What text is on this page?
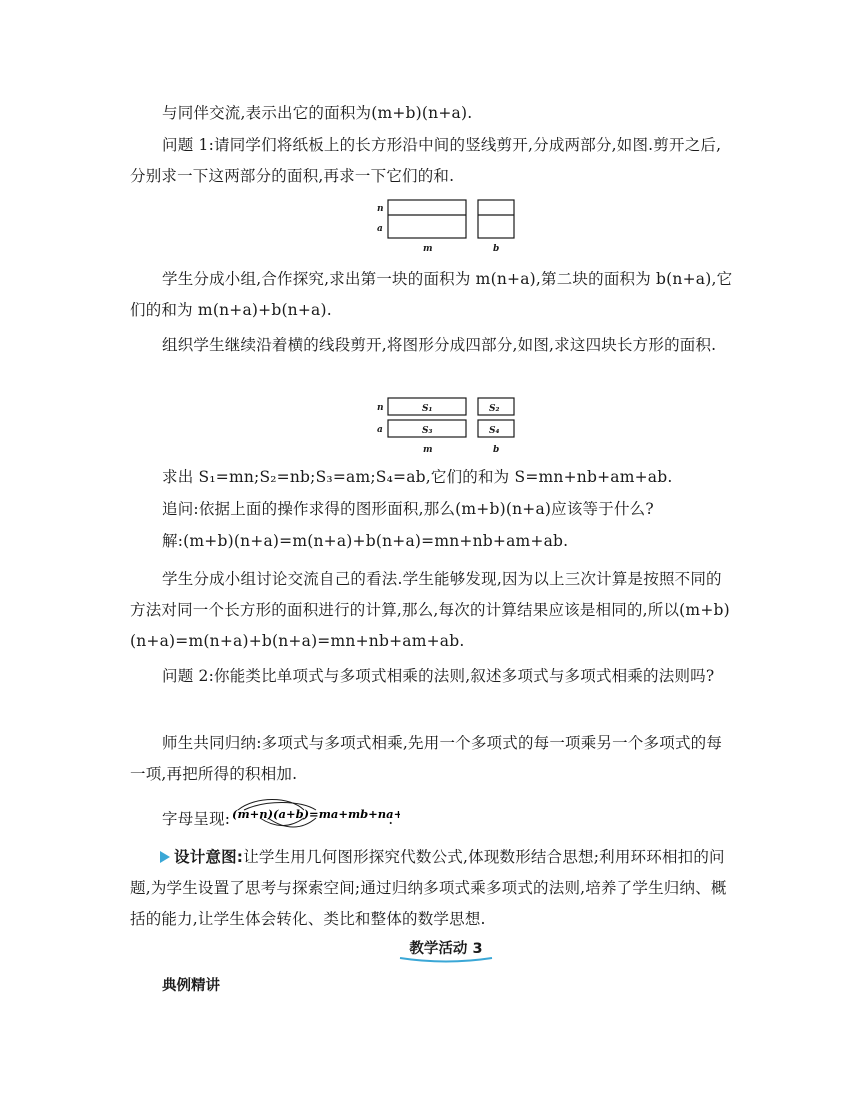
与同伴交流,表示出它的面积为(m+b)(n+a).
问题 1:请同学们将纸板上的长方形沿中间的竖线剪开,分成两部分,如图.剪开之后,分别求一下这两部分的面积,再求一下它们的和.
n
a
m	b
学生分成小组,合作探究,求出第一块的面积为 m(n+a),第二块的面积为 b(n+a),它们的和为 m(n+a)+b(n+a).
组织学生继续沿着横的线段剪开,将图形分成四部分,如图,求这四块长方形的面积.
n
a
S₁	S₂
S₃	S₄
m	b
求出 S₁=mn;S₂=nb;S₃=am;S₄=ab,它们的和为 S=mn+nb+am+ab.
追问:依据上面的操作求得的图形面积,那么(m+b)(n+a)应该等于什么?
解:(m+b)(n+a)=m(n+a)+b(n+a)=mn+nb+am+ab.
学生分成小组讨论交流自己的看法.学生能够发现,因为以上三次计算是按照不同的方法对同一个长方形的面积进行的计算,那么,每次的计算结果应该是相同的,所以(m+b)(n+a)=m(n+a)+b(n+a)=mn+nb+am+ab.
问题 2:你能类比单项式与多项式相乘的法则,叙述多项式与多项式相乘的法则吗?
师生共同归纳:多项式与多项式相乘,先用一个多项式的每一项乘另一个多项式的每一项,再把所得的积相加.
字母呈现:	.
(m+n)(a+b)=ma+mb+na
设计意图:让学生用几何图形探究代数公式,体现数形结合思想;利用环环相扣的问题,为学生设置了思考与探索空间;通过归纳多项式乘多项式的法则,培养了学生归纳、概括的能力,让学生体会转化、类比和整体的数学思想.
教学活动 3
典例精讲
